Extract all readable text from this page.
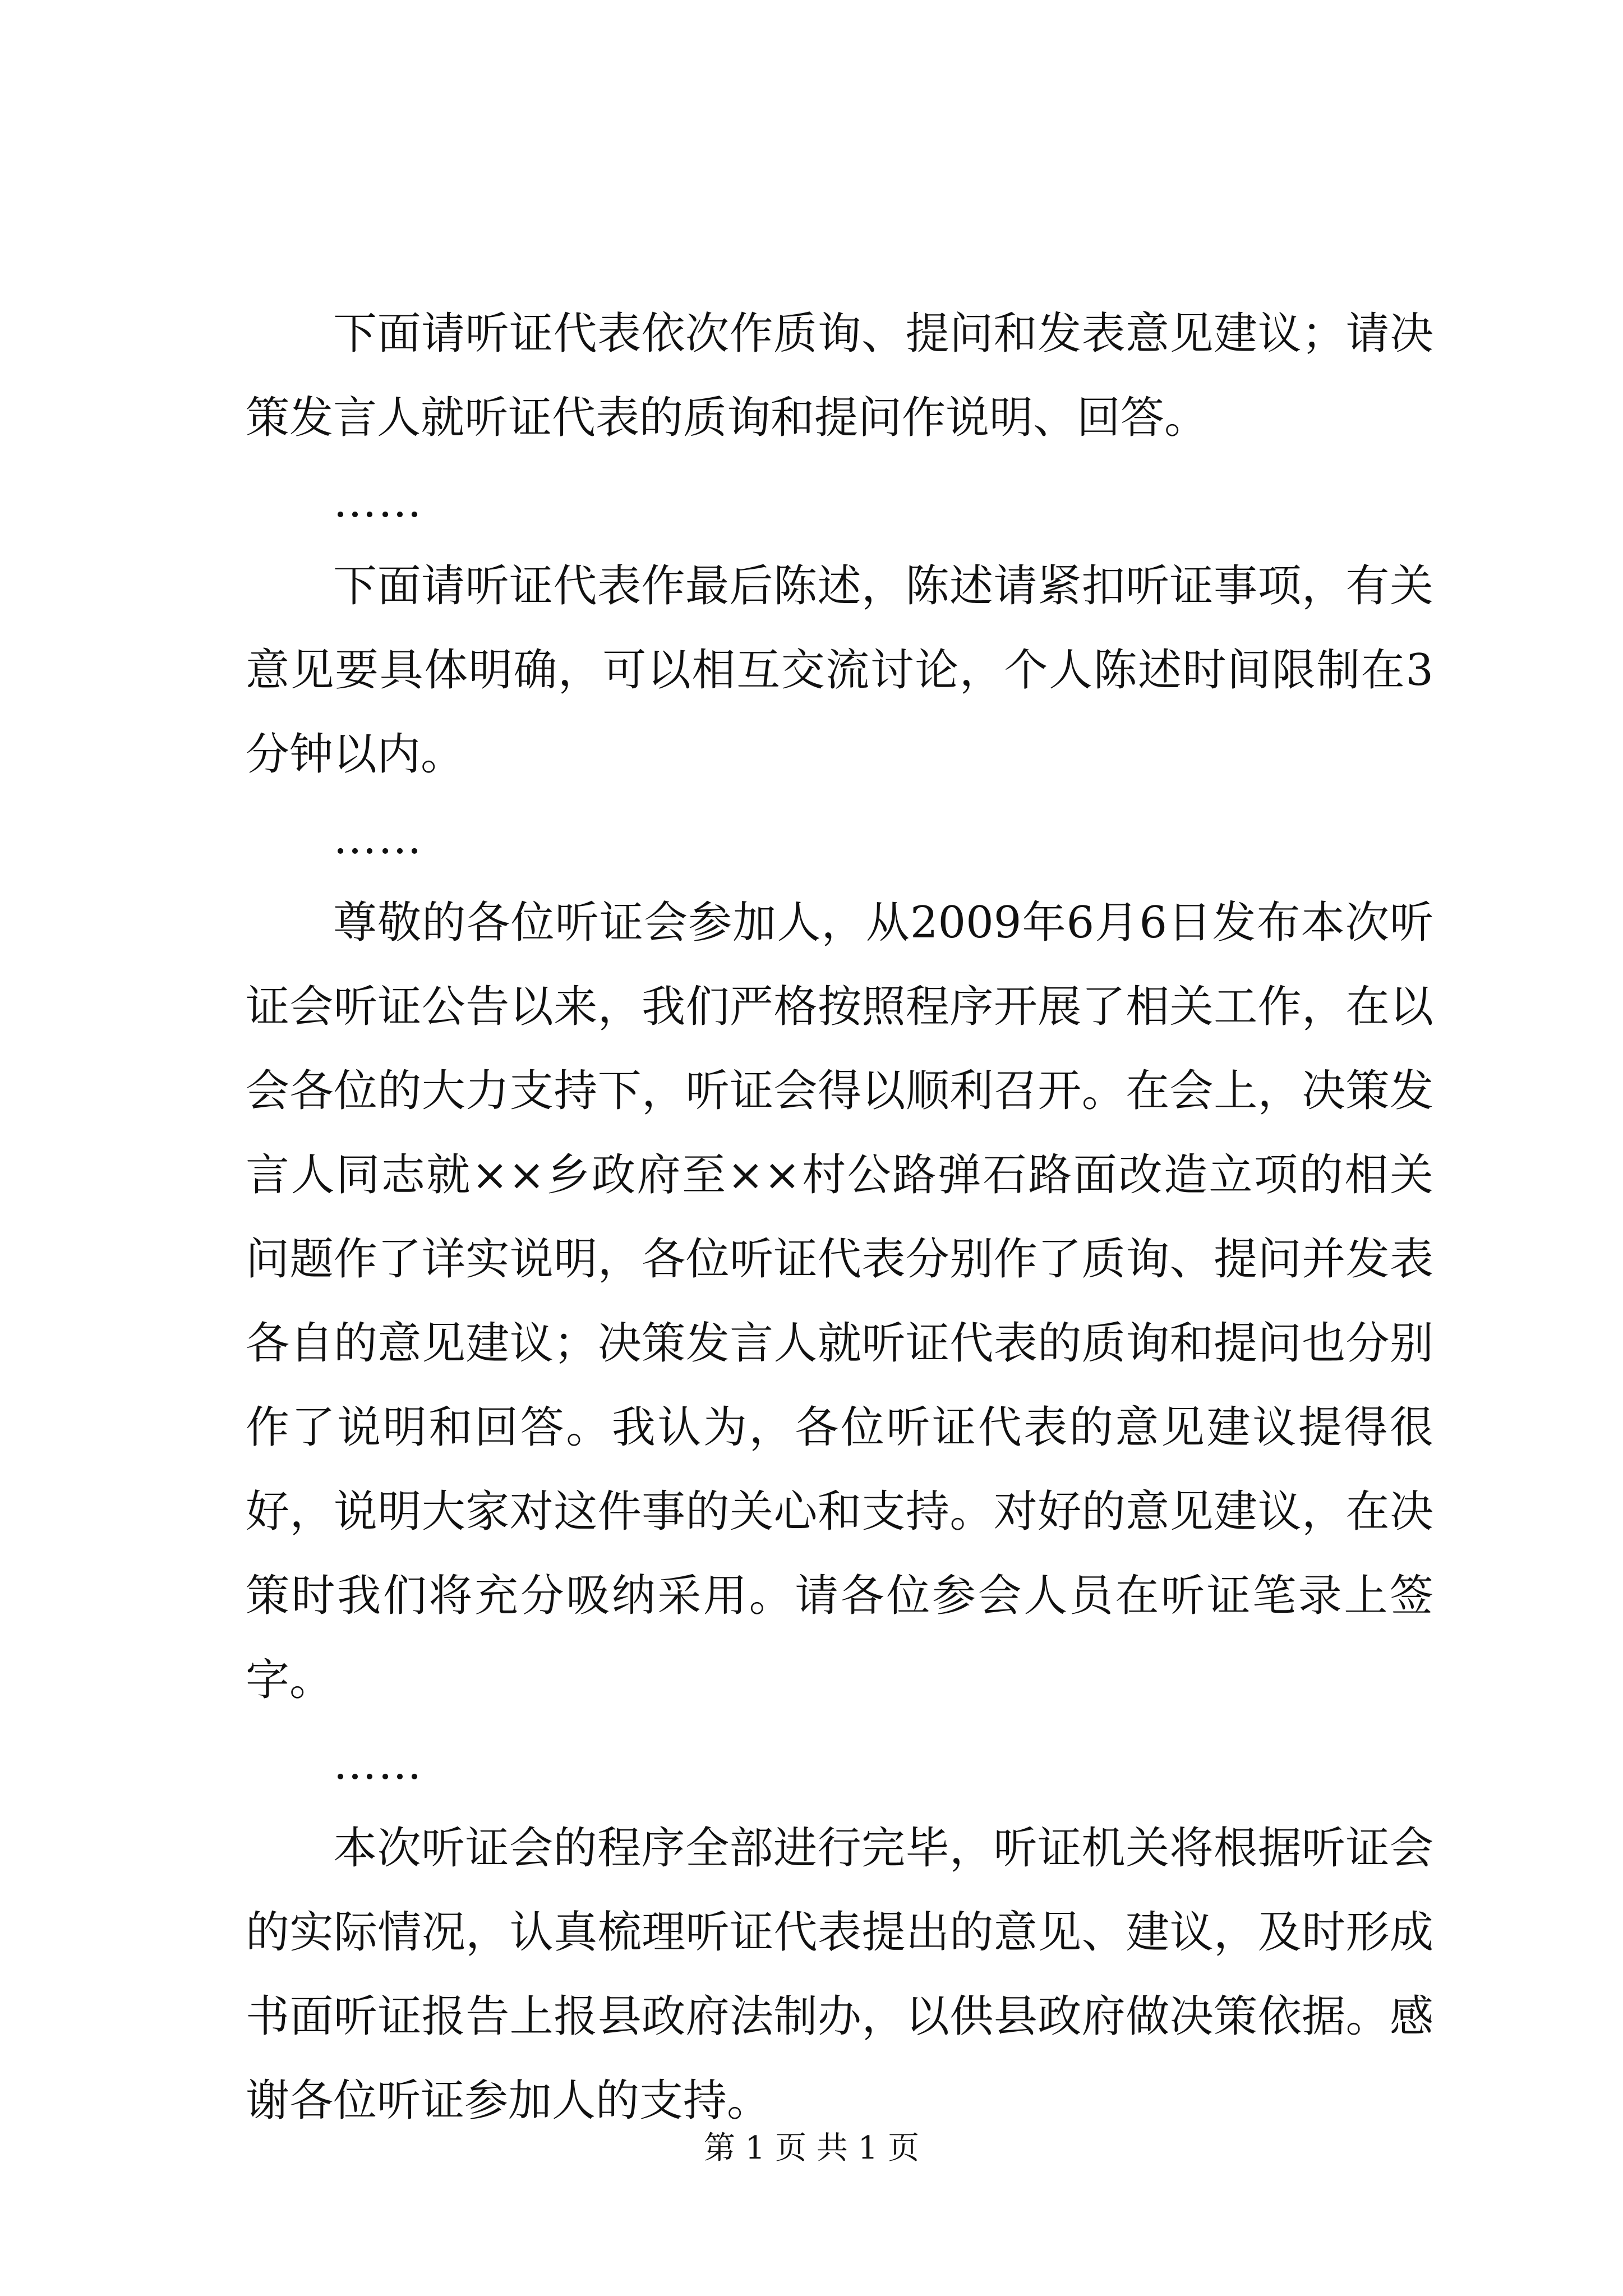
下面请听证代表依次作质询、提问和发表意见建议；请决策发言人就听证代表的质询和提问作说明、回答。

……

下面请听证代表作最后陈述，陈述请紧扣听证事项，有关意见要具体明确，可以相互交流讨论，个人陈述时间限制在3分钟以内。

……

尊敬的各位听证会参加人，从2009年6月6日发布本次听证会听证公告以来，我们严格按照程序开展了相关工作，在以会各位的大力支持下，听证会得以顺利召开。在会上，决策发言人同志就××乡政府至××村公路弹石路面改造立项的相关问题作了详实说明，各位听证代表分别作了质询、提问并发表各自的意见建议；决策发言人就听证代表的质询和提问也分别作了说明和回答。我认为，各位听证代表的意见建议提得很好，说明大家对这件事的关心和支持。对好的意见建议，在决策时我们将充分吸纳采用。请各位参会人员在听证笔录上签字。

……

本次听证会的程序全部进行完毕，听证机关将根据听证会的实际情况，认真梳理听证代表提出的意见、建议，及时形成书面听证报告上报县政府法制办，以供县政府做决策依据。感谢各位听证参加人的支持。

第 1 页 共 1 页
